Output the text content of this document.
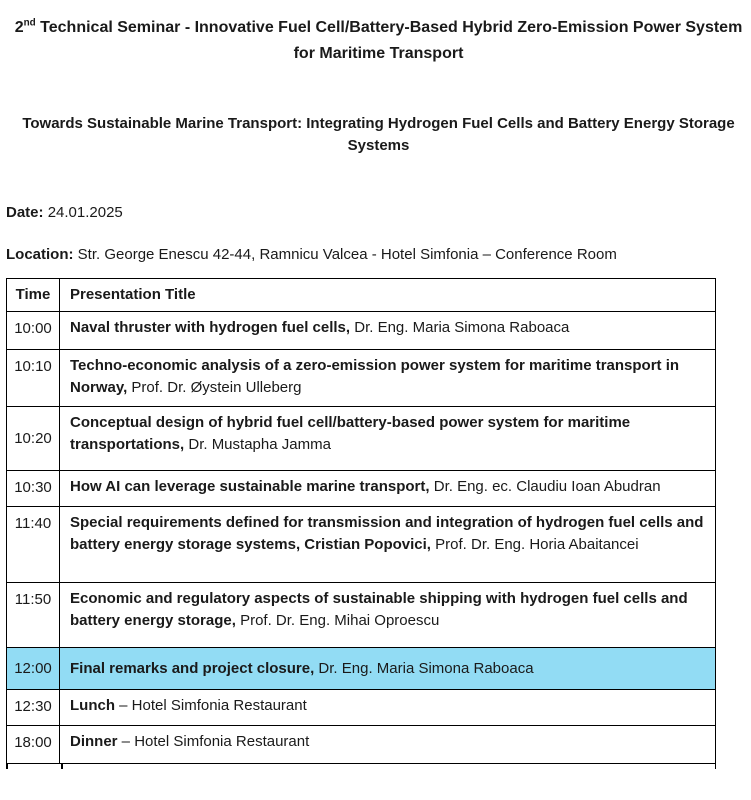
2nd Technical Seminar - Innovative Fuel Cell/Battery-Based Hybrid Zero-Emission Power System for Maritime Transport
Towards Sustainable Marine Transport: Integrating Hydrogen Fuel Cells and Battery Energy Storage Systems

Date: 24.01.2025

Location: Str. George Enescu 42-44, Ramnicu Valcea - Hotel Simfonia – Conference Room

Time	Presentation Title
10:00	Naval thruster with hydrogen fuel cells, Dr. Eng. Maria Simona Raboaca
10:10	Techno-economic analysis of a zero-emission power system for maritime transport in Norway, Prof. Dr. Øystein Ulleberg
10:20	Conceptual design of hybrid fuel cell/battery-based power system for maritime transportations, Dr. Mustapha Jamma
10:30	How AI can leverage sustainable marine transport, Dr. Eng. ec. Claudiu Ioan Abudran
11:40	Special requirements defined for transmission and integration of hydrogen fuel cells and battery energy storage systems, Cristian Popovici, Prof. Dr. Eng. Horia Abaitancei
11:50	Economic and regulatory aspects of sustainable shipping with hydrogen fuel cells and battery energy storage, Prof. Dr. Eng. Mihai Oproescu
12:00	Final remarks and project closure, Dr. Eng. Maria Simona Raboaca
12:30	Lunch – Hotel Simfonia Restaurant
18:00	Dinner – Hotel Simfonia Restaurant
